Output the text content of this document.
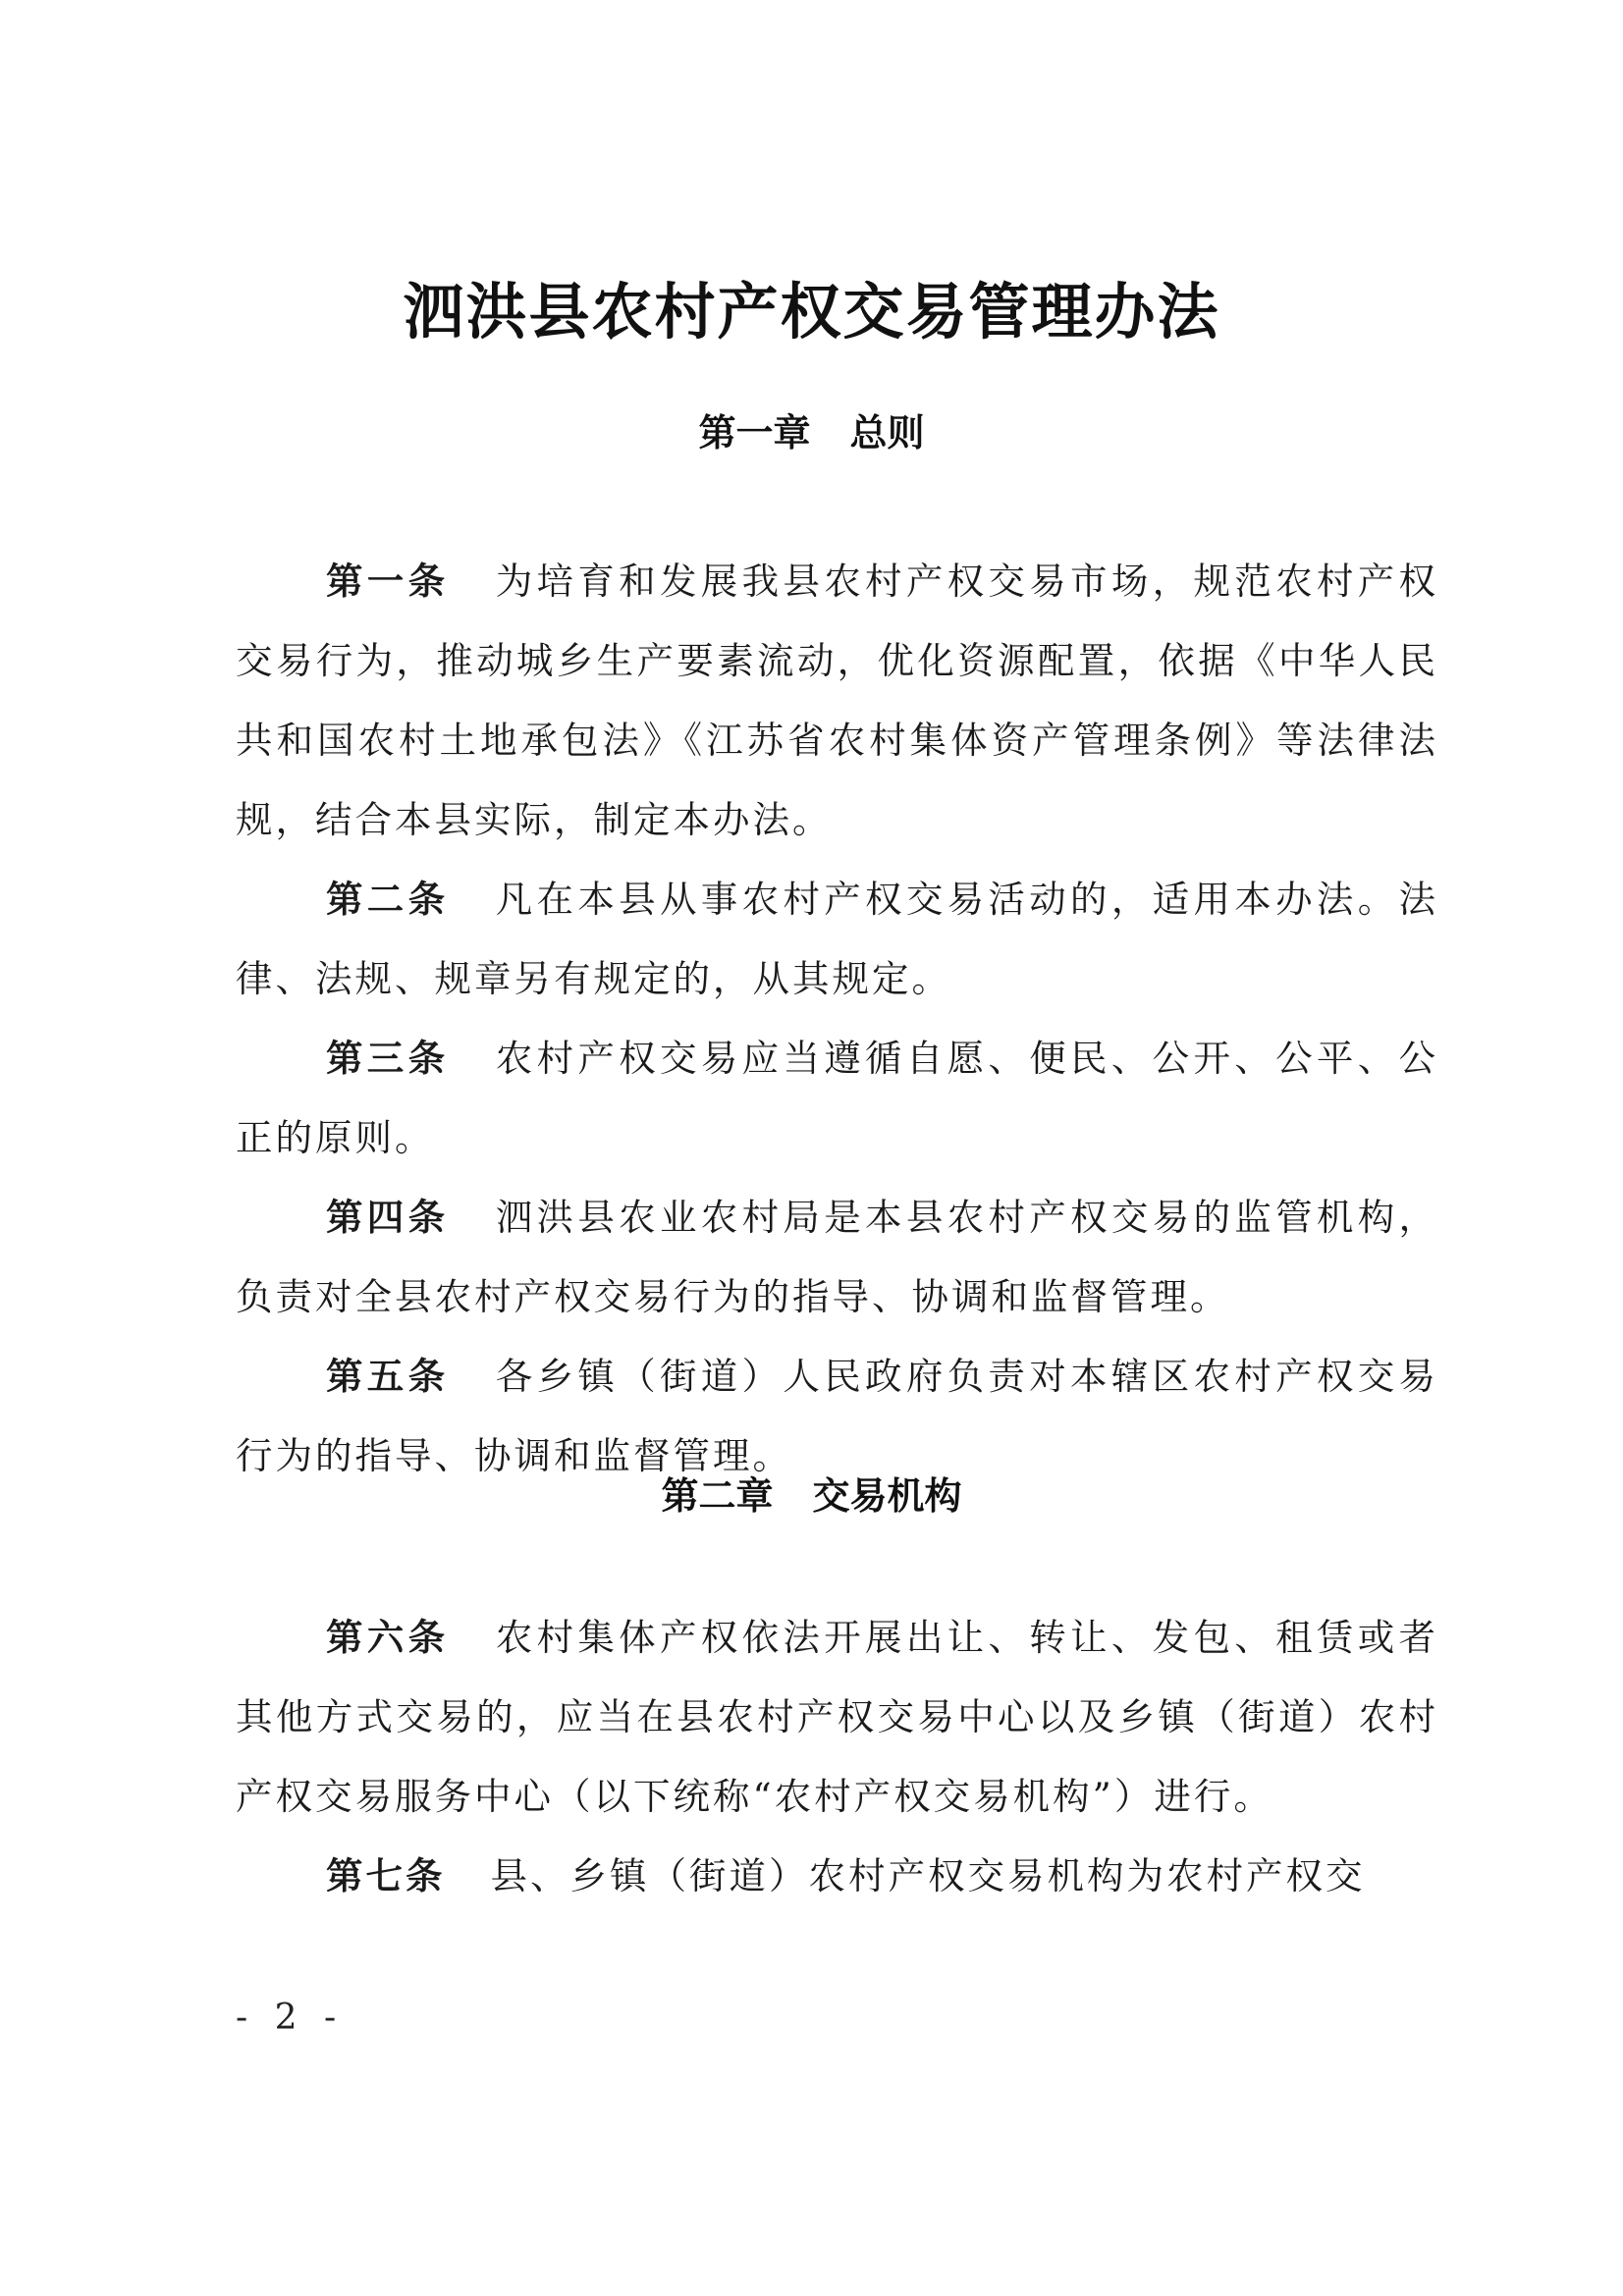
泗洪县农村产权交易管理办法
第一章 总则

第一条 为培育和发展我县农村产权交易市场，规范农村产权交易行为，推动城乡生产要素流动，优化资源配置，依据《中华人民共和国农村土地承包法》《江苏省农村集体资产管理条例》等法律法规，结合本县实际，制定本办法。

第二条 凡在本县从事农村产权交易活动的，适用本办法。法律、法规、规章另有规定的，从其规定。

第三条 农村产权交易应当遵循自愿、便民、公开、公平、公正的原则。

第四条 泗洪县农业农村局是本县农村产权交易的监管机构，负责对全县农村产权交易行为的指导、协调和监督管理。

第五条 各乡镇（街道）人民政府负责对本辖区农村产权交易行为的指导、协调和监督管理。

第二章 交易机构

第六条 农村集体产权依法开展出让、转让、发包、租赁或者其他方式交易的，应当在县农村产权交易中心以及乡镇（街道）农村产权交易服务中心（以下统称“农村产权交易机构”）进行。

第七条 县、乡镇（街道）农村产权交易机构为农村产权交

- 2 -
